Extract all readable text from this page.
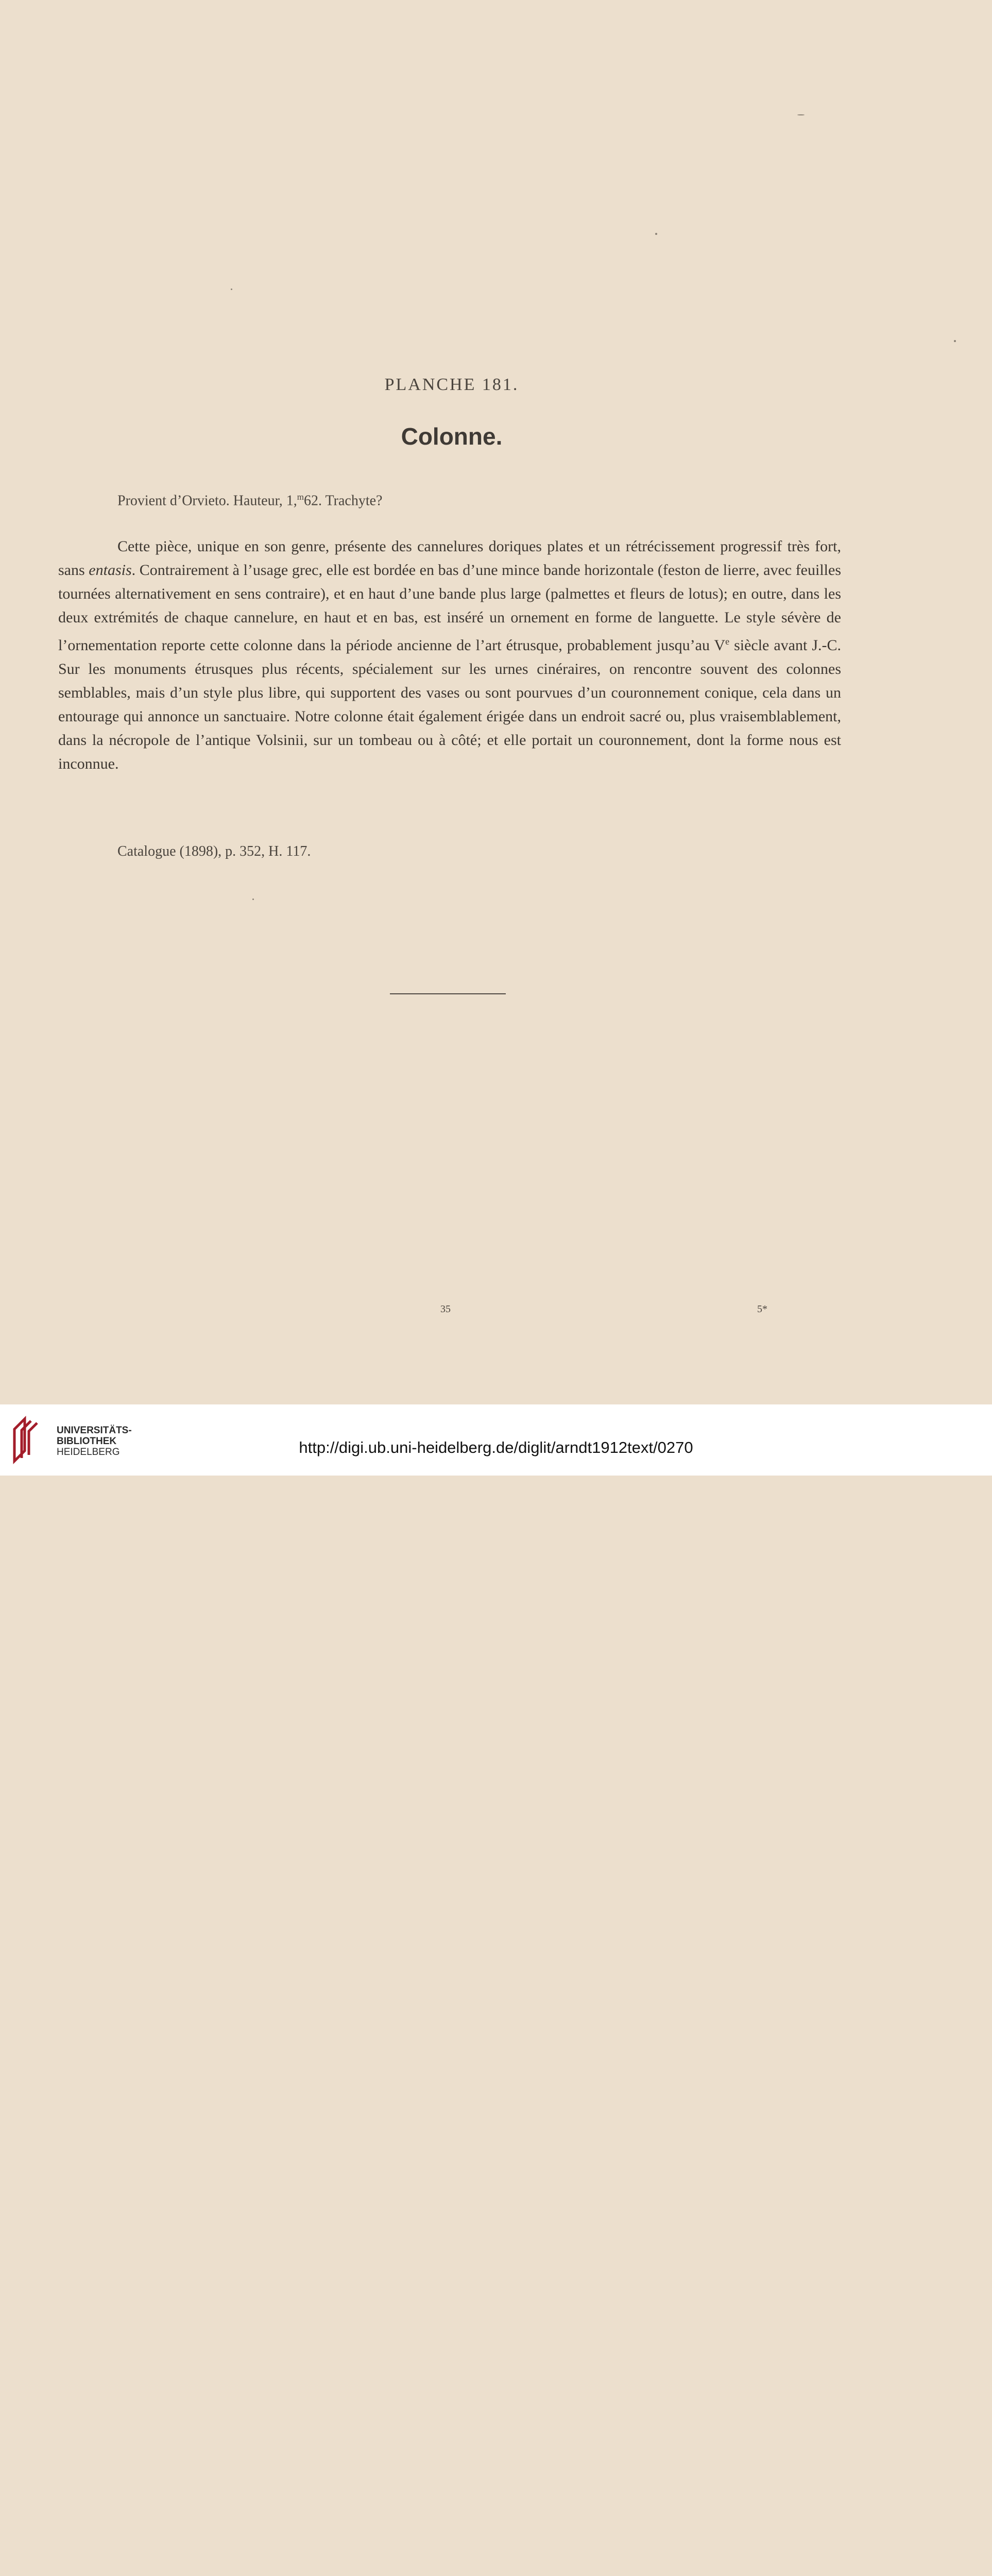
PLANCHE 181.
Colonne.
Provient d’Orvieto. Hauteur, 1,$^m$62. Trachyte?
Cette pièce, unique en son genre, présente des cannelures doriques plates et un rétrécissement progressif très fort, sans entasis. Contrairement à l’usage grec, elle est bordée en bas d’une mince bande horizontale (feston de lierre, avec feuilles tournées alternativement en sens contraire), et en haut d’une bande plus large (palmettes et fleurs de lotus); en outre, dans les deux extrémités de chaque cannelure, en haut et en bas, est inséré un ornement en forme de languette. Le style sévère de l’ornementation reporte cette colonne dans la période ancienne de l’art étrusque, probablement jusqu’au Ve siècle avant J.-C. Sur les monuments étrusques plus récents, spécialement sur les urnes cinéraires, on rencontre souvent des colonnes semblables, mais d’un style plus libre, qui supportent des vases ou sont pourvues d’un couronnement conique, cela dans un entourage qui annonce un sanctuaire. Notre colonne était également érigée dans un endroit sacré ou, plus vraisemblablement, dans la nécropole de l’antique Volsinii, sur un tombeau ou à côté; et elle portait un couronnement, dont la forme nous est inconnue.
Catalogue (1898), p. 352, H. 117.
35	5*
UNIVERSITÄTS-
BIBLIOTHEK
HEIDELBERG	http://digi.ub.uni-heidelberg.de/diglit/arndt1912text/0270
